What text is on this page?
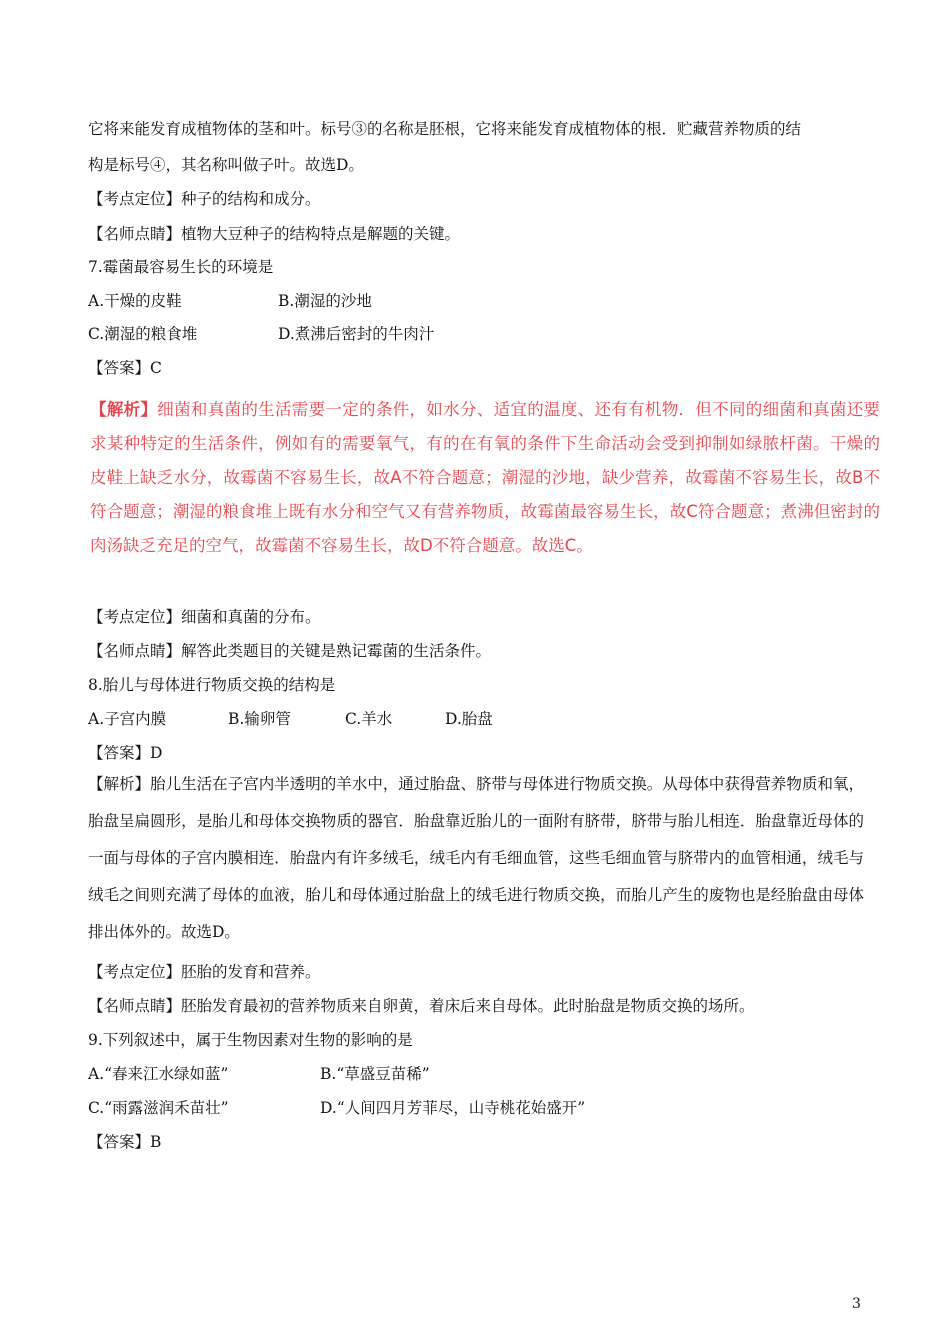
它将来能发育成植物体的茎和叶。标号③的名称是胚根，它将来能发育成植物体的根．贮藏营养物质的结
构是标号④，其名称叫做子叶。故选D。
【考点定位】种子的结构和成分。
【名师点睛】植物大豆种子的结构特点是解题的关键。
7.霉菌最容易生长的环境是
A.干燥的皮鞋	B.潮湿的沙地
C.潮湿的粮食堆	D.煮沸后密封的牛肉汁
【答案】C
【解析】细菌和真菌的生活需要一定的条件，如水分、适宜的温度、还有有机物．但不同的细菌和真菌还要求某种特定的生活条件，例如有的需要氧气，有的在有氧的条件下生命活动会受到抑制如绿脓杆菌。干燥的皮鞋上缺乏水分，故霉菌不容易生长，故A不符合题意；潮湿的沙地，缺少营养，故霉菌不容易生长，故B不符合题意；潮湿的粮食堆上既有水分和空气又有营养物质，故霉菌最容易生长，故C符合题意；煮沸但密封的肉汤缺乏充足的空气，故霉菌不容易生长，故D不符合题意。故选C。
【考点定位】细菌和真菌的分布。
【名师点睛】解答此类题目的关键是熟记霉菌的生活条件。
8.胎儿与母体进行物质交换的结构是
A.子宫内膜	B.输卵管	C.羊水	D.胎盘
【答案】D
【解析】胎儿生活在子宫内半透明的羊水中，通过胎盘、脐带与母体进行物质交换。从母体中获得营养物质和氧，胎盘呈扁圆形，是胎儿和母体交换物质的器官．胎盘靠近胎儿的一面附有脐带，脐带与胎儿相连．胎盘靠近母体的一面与母体的子宫内膜相连．胎盘内有许多绒毛，绒毛内有毛细血管，这些毛细血管与脐带内的血管相通，绒毛与绒毛之间则充满了母体的血液，胎儿和母体通过胎盘上的绒毛进行物质交换，而胎儿产生的废物也是经胎盘由母体排出体外的。故选D。
【考点定位】胚胎的发育和营养。
【名师点睛】胚胎发育最初的营养物质来自卵黄，着床后来自母体。此时胎盘是物质交换的场所。
9.下列叙述中，属于生物因素对生物的影响的是
A.“春来江水绿如蓝”	B.“草盛豆苗稀”
C.“雨露滋润禾苗壮”	D.“人间四月芳菲尽，山寺桃花始盛开”
【答案】B
3
